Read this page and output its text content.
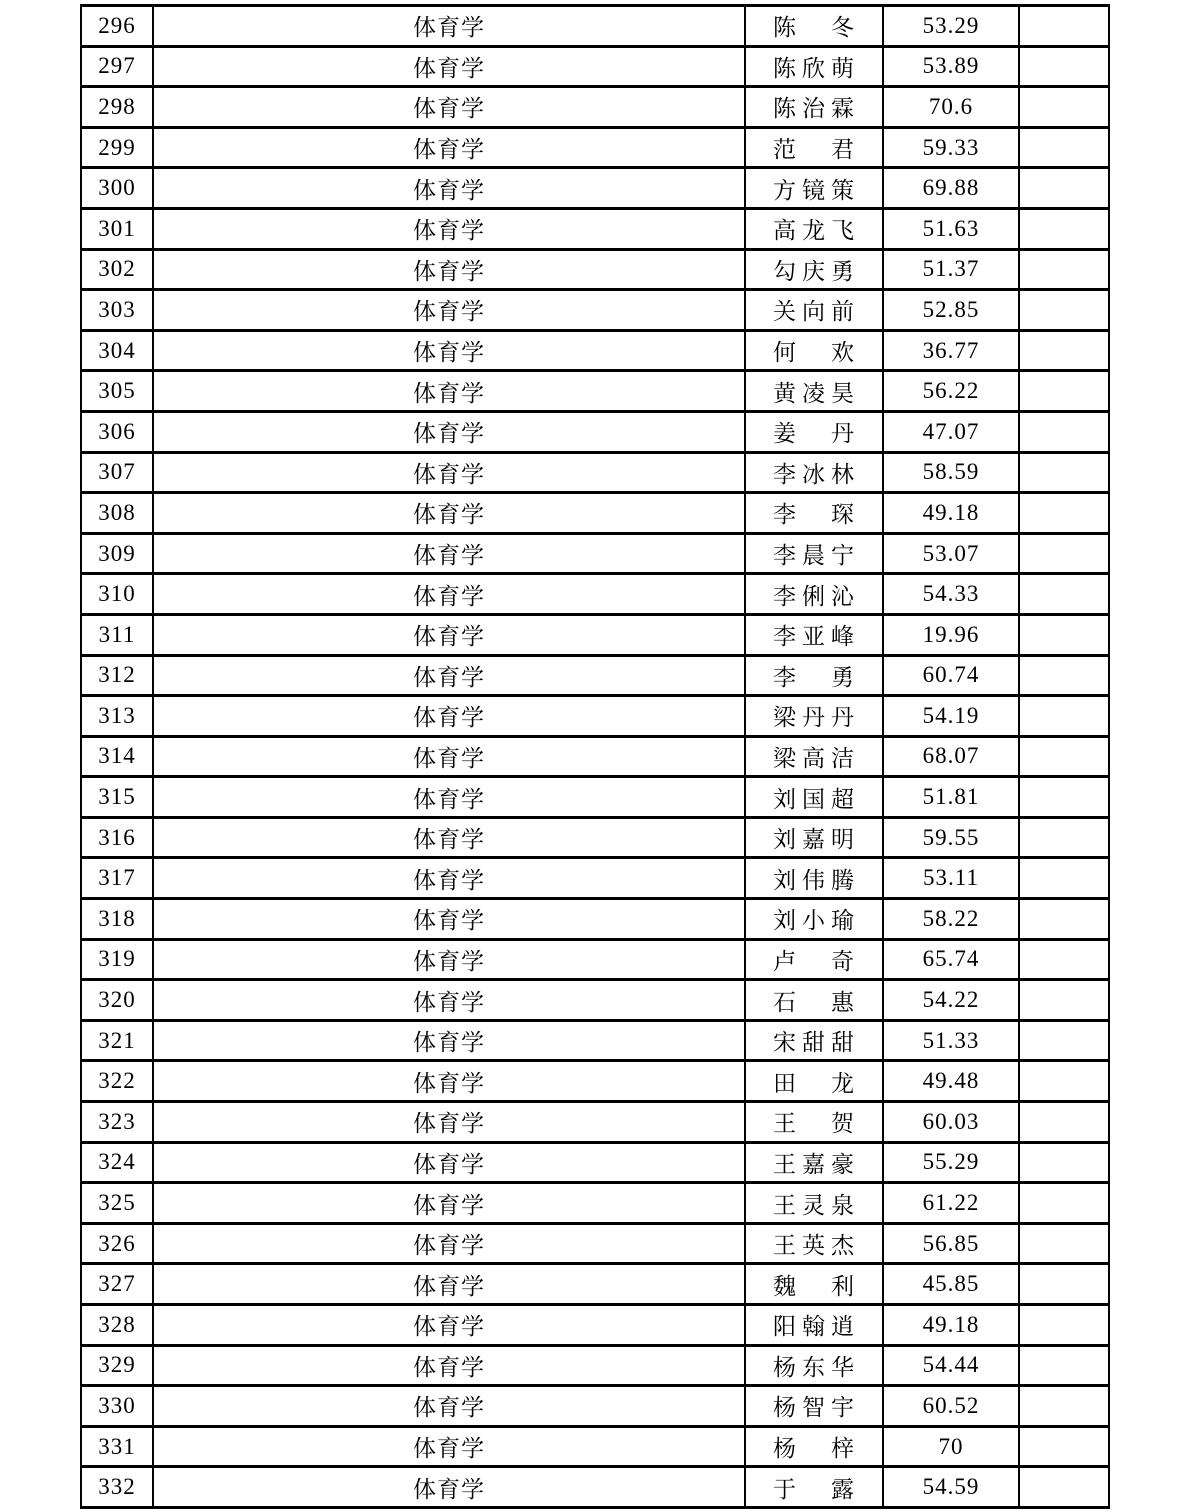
296	体育学	陈冬	53.29	
297	体育学	陈欣萌	53.89	
298	体育学	陈治霖	70.6	
299	体育学	范君	59.33	
300	体育学	方镜策	69.88	
301	体育学	高龙飞	51.63	
302	体育学	勾庆勇	51.37	
303	体育学	关向前	52.85	
304	体育学	何欢	36.77	
305	体育学	黄凌昊	56.22	
306	体育学	姜丹	47.07	
307	体育学	李冰林	58.59	
308	体育学	李琛	49.18	
309	体育学	李晨宁	53.07	
310	体育学	李俐沁	54.33	
311	体育学	李亚峰	19.96	
312	体育学	李勇	60.74	
313	体育学	梁丹丹	54.19	
314	体育学	梁高洁	68.07	
315	体育学	刘国超	51.81	
316	体育学	刘嘉明	59.55	
317	体育学	刘伟腾	53.11	
318	体育学	刘小瑜	58.22	
319	体育学	卢奇	65.74	
320	体育学	石惠	54.22	
321	体育学	宋甜甜	51.33	
322	体育学	田龙	49.48	
323	体育学	王贺	60.03	
324	体育学	王嘉豪	55.29	
325	体育学	王灵泉	61.22	
326	体育学	王英杰	56.85	
327	体育学	魏利	45.85	
328	体育学	阳翰逍	49.18	
329	体育学	杨东华	54.44	
330	体育学	杨智宇	60.52	
331	体育学	杨梓	70	
332	体育学	于露	54.59	
